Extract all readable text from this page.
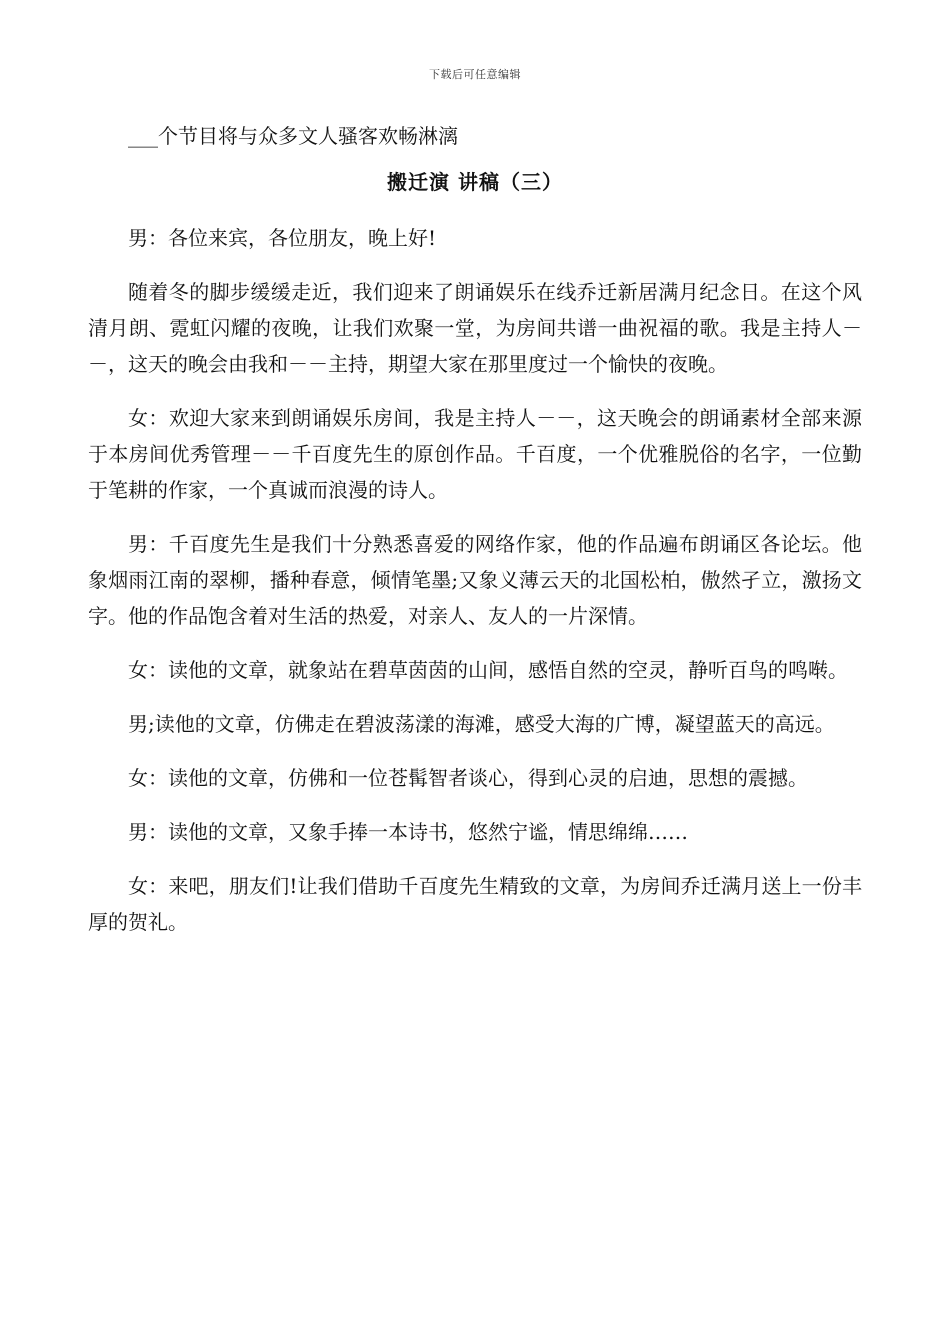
下载后可任意编辑

___个节目将与众多文人骚客欢畅淋漓

搬迁演 讲稿（三）

男：各位来宾，各位朋友，晚上好!

随着冬的脚步缓缓走近，我们迎来了朗诵娱乐在线乔迁新居满月纪念日。在这个风清月朗、霓虹闪耀的夜晚，让我们欢聚一堂，为房间共谱一曲祝福的歌。我是主持人－－，这天的晚会由我和－－主持，期望大家在那里度过一个愉快的夜晚。

女：欢迎大家来到朗诵娱乐房间，我是主持人－－，这天晚会的朗诵素材全部来源于本房间优秀管理－－千百度先生的原创作品。千百度，一个优雅脱俗的名字，一位勤于笔耕的作家，一个真诚而浪漫的诗人。

男：千百度先生是我们十分熟悉喜爱的网络作家，他的作品遍布朗诵区各论坛。他象烟雨江南的翠柳，播种春意，倾情笔墨;又象义薄云天的北国松柏，傲然孑立，激扬文字。他的作品饱含着对生活的热爱，对亲人、友人的一片深情。

女：读他的文章，就象站在碧草茵茵的山间，感悟自然的空灵，静听百鸟的鸣啭。

男;读他的文章，仿佛走在碧波荡漾的海滩，感受大海的广博，凝望蓝天的高远。

女：读他的文章，仿佛和一位苍髯智者谈心，得到心灵的启迪，思想的震撼。

男：读他的文章，又象手捧一本诗书，悠然宁谧，情思绵绵……

女：来吧，朋友们!让我们借助千百度先生精致的文章，为房间乔迁满月送上一份丰厚的贺礼。
